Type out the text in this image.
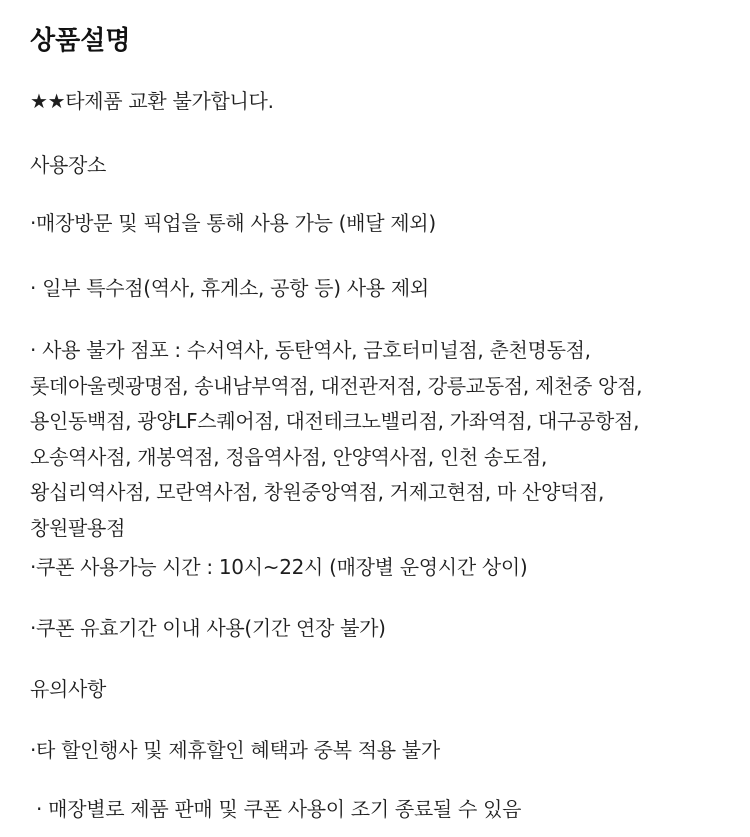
상품설명
★★타제품 교환 불가합니다.
사용장소
·매장방문 및 픽업을 통해 사용 가능 (배달 제외)
· 일부 특수점(역사, 휴게소, 공항 등) 사용 제외
· 사용 불가 점포 : 수서역사, 동탄역사, 금호터미널점, 춘천명동점,
롯데아울렛광명점, 송내남부역점, 대전관저점, 강릉교동점, 제천중 앙점,
용인동백점, 광양LF스퀘어점, 대전테크노밸리점, 가좌역점, 대구공항점,
오송역사점, 개봉역점, 정읍역사점, 안양역사점, 인천 송도점,
왕십리역사점, 모란역사점, 창원중앙역점, 거제고현점, 마 산양덕점,
창원팔용점
·쿠폰 사용가능 시간 : 10시~22시 (매장별 운영시간 상이)
·쿠폰 유효기간 이내 사용(기간 연장 불가)
유의사항
·타 할인행사 및 제휴할인 혜택과 중복 적용 불가
· 매장별로 제품 판매 및 쿠폰 사용이 조기 종료될 수 있음
